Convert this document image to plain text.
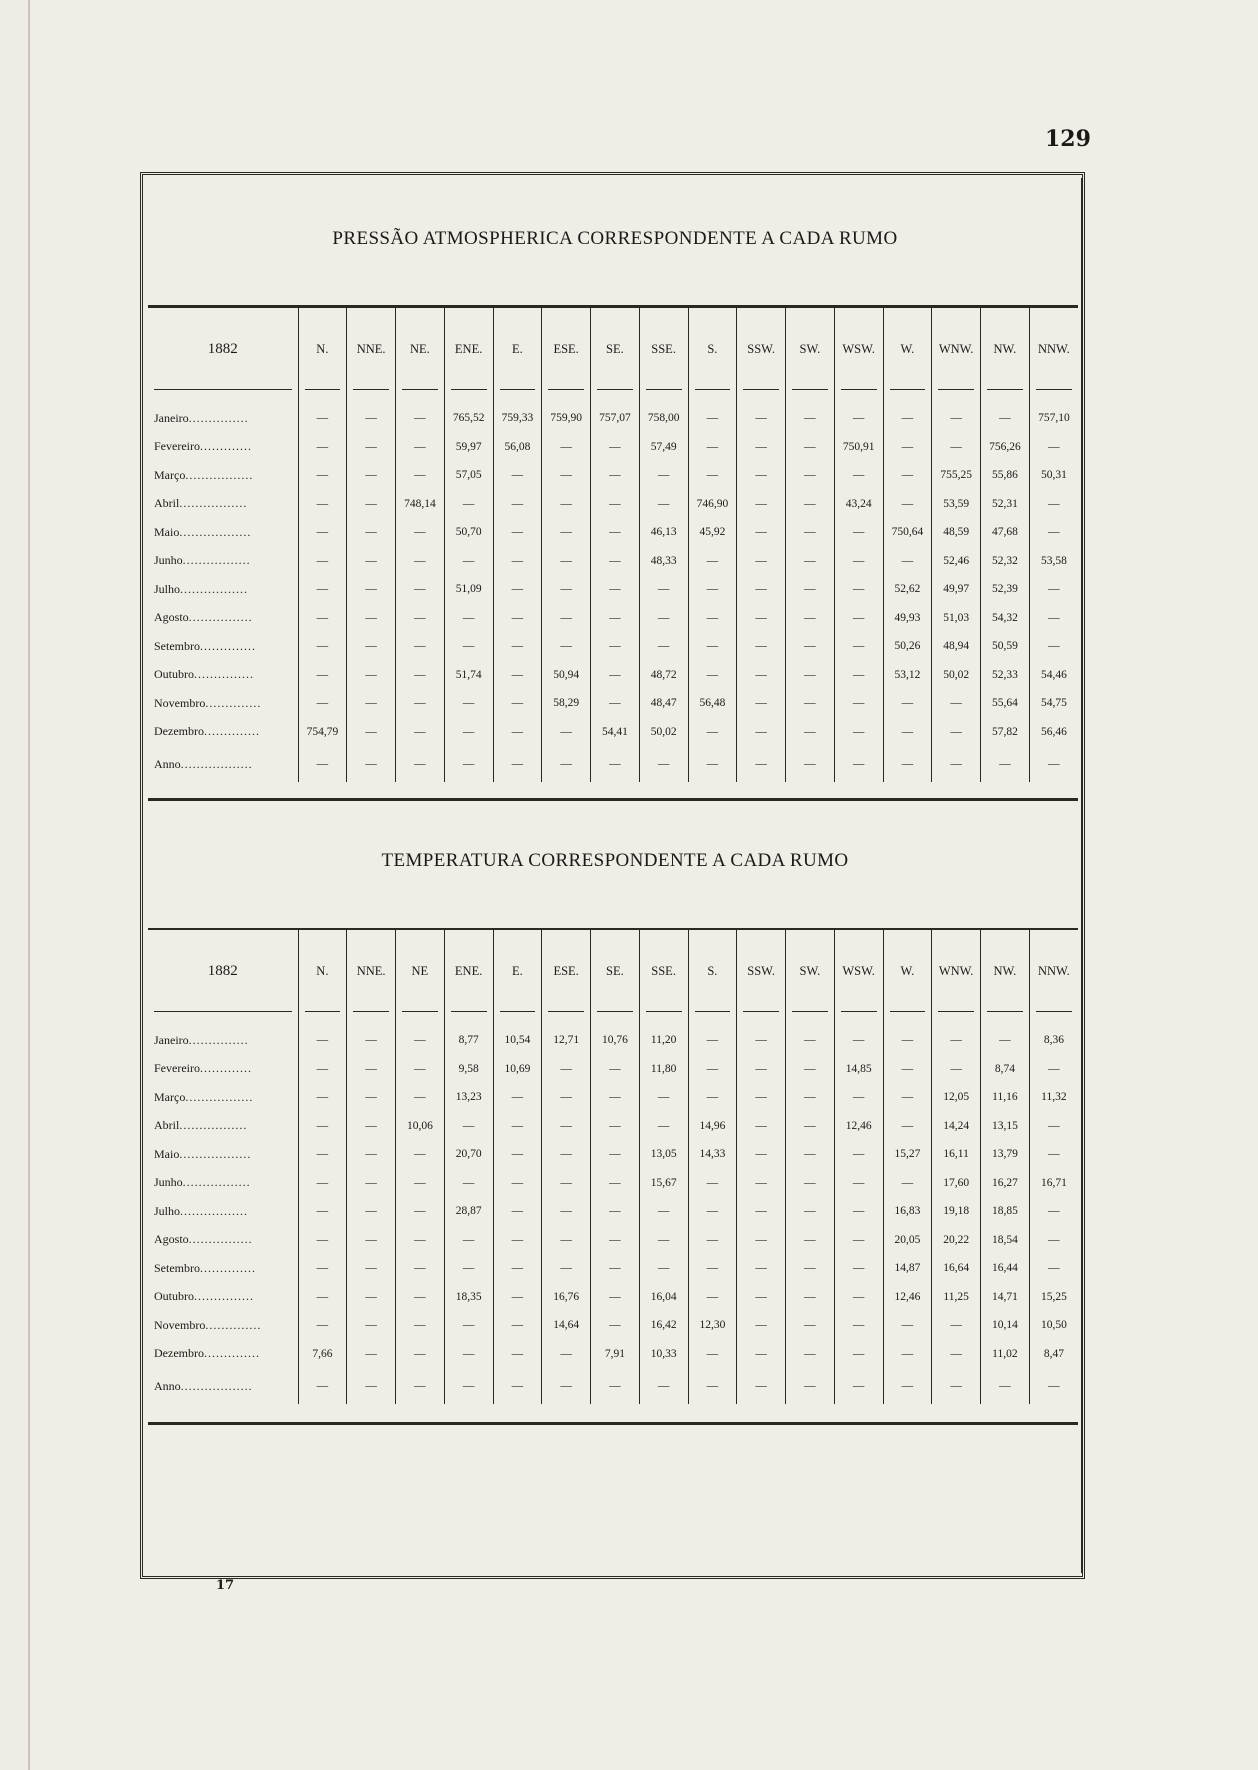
129
PRESSÃO ATMOSPHERICA CORRESPONDENTE A CADA RUMO
1882	N.	NNE.	NE.	ENE.	E.	ESE.	SE.	SSE.	S.	SSW.	SW.	WSW.	W.	WNW.	NW.	NNW.

Janeiro...............	—	—	—	765,52	759,33	759,90	757,07	758,00	—	—	—	—	—	—	—	757,10
Fevereiro.............	—	—	—	59,97	56,08	—	—	57,49	—	—	—	750,91	—	—	756,26	—
Março.................	—	—	—	57,05	—	—	—	—	—	—	—	—	—	755,25	55,86	50,31
Abril.................	—	—	748,14	—	—	—	—	—	746,90	—	—	43,24	—	53,59	52,31	—
Maio..................	—	—	—	50,70	—	—	—	46,13	45,92	—	—	—	750,64	48,59	47,68	—
Junho.................	—	—	—	—	—	—	—	48,33	—	—	—	—	—	52,46	52,32	53,58
Julho.................	—	—	—	51,09	—	—	—	—	—	—	—	—	52,62	49,97	52,39	—
Agosto................	—	—	—	—	—	—	—	—	—	—	—	—	49,93	51,03	54,32	—
Setembro..............	—	—	—	—	—	—	—	—	—	—	—	—	50,26	48,94	50,59	—
Outubro...............	—	—	—	51,74	—	50,94	—	48,72	—	—	—	—	53,12	50,02	52,33	54,46
Novembro..............	—	—	—	—	—	58,29	—	48,47	56,48	—	—	—	—	—	55,64	54,75
Dezembro..............	754,79	—	—	—	—	—	54,41	50,02	—	—	—	—	—	—	57,82	56,46
Anno..................	—	—	—	—	—	—	—	—	—	—	—	—	—	—	—	—
TEMPERATURA CORRESPONDENTE A CADA RUMO
1882	N.	NNE.	NE	ENE.	E.	ESE.	SE.	SSE.	S.	SSW.	SW.	WSW.	W.	WNW.	NW.	NNW.

Janeiro...............	—	—	—	8,77	10,54	12,71	10,76	11,20	—	—	—	—	—	—	—	8,36
Fevereiro.............	—	—	—	9,58	10,69	—	—	11,80	—	—	—	14,85	—	—	8,74	—
Março.................	—	—	—	13,23	—	—	—	—	—	—	—	—	—	12,05	11,16	11,32
Abril.................	—	—	10,06	—	—	—	—	—	14,96	—	—	12,46	—	14,24	13,15	—
Maio..................	—	—	—	20,70	—	—	—	13,05	14,33	—	—	—	15,27	16,11	13,79	—
Junho.................	—	—	—	—	—	—	—	15,67	—	—	—	—	—	17,60	16,27	16,71
Julho.................	—	—	—	28,87	—	—	—	—	—	—	—	—	16,83	19,18	18,85	—
Agosto................	—	—	—	—	—	—	—	—	—	—	—	—	20,05	20,22	18,54	—
Setembro..............	—	—	—	—	—	—	—	—	—	—	—	—	14,87	16,64	16,44	—
Outubro...............	—	—	—	18,35	—	16,76	—	16,04	—	—	—	—	12,46	11,25	14,71	15,25
Novembro..............	—	—	—	—	—	14,64	—	16,42	12,30	—	—	—	—	—	10,14	10,50
Dezembro..............	7,66	—	—	—	—	—	7,91	10,33	—	—	—	—	—	—	11,02	8,47
Anno..................	—	—	—	—	—	—	—	—	—	—	—	—	—	—	—	—
17
